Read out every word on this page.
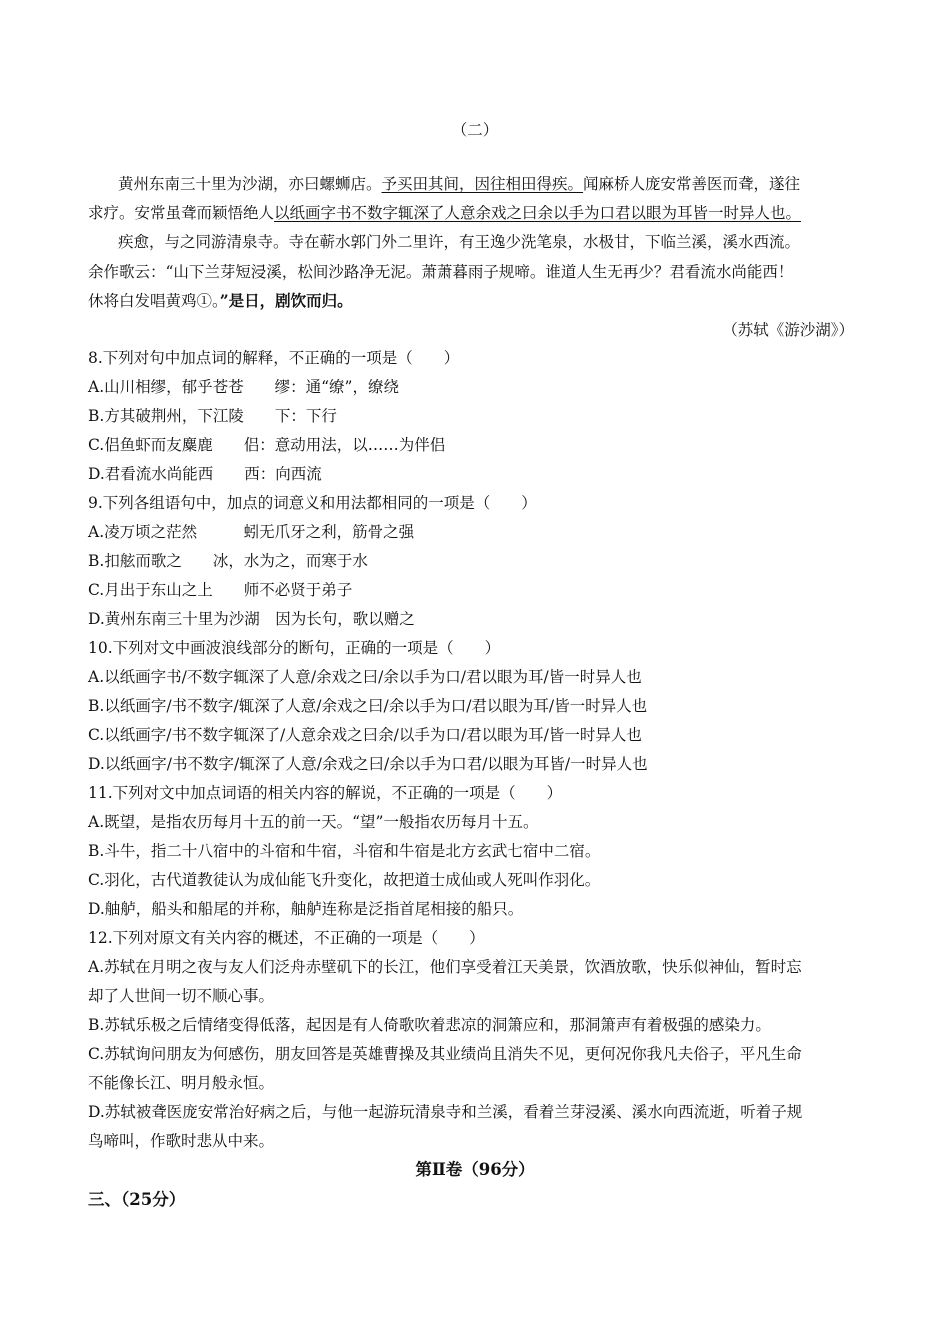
（二）
黄州东南三十里为沙湖，亦曰螺蛳店。予买田其间，因往相田得疾。闻麻桥人庞安常善医而聋，遂往
求疗。安常虽聋而颖悟绝人以纸画字书不数字辄深了人意余戏之曰余以手为口君以眼为耳皆一时异人也。
疾愈，与之同游清泉寺。寺在蕲水郭门外二里许，有王逸少洗笔泉，水极甘，下临兰溪，溪水西流。
余作歌云：“山下兰芽短浸溪，松间沙路净无泥。萧萧暮雨子规啼。谁道人生无再少？君看流水尚能西！
休将白发唱黄鸡①。”是日，剧饮而归。
（苏轼《游沙湖》）
8.下列对句中加点词的解释，不正确的一项是（　　）
A.山川相缪，郁乎苍苍　　缪：通“缭”，缭绕
B.方其破荆州，下江陵　　下：下行
C.侣鱼虾而友麋鹿　　侣：意动用法，以……为伴侣
D.君看流水尚能西　　西：向西流
9.下列各组语句中，加点的词意义和用法都相同的一项是（　　）
A.凌万顷之茫然　　　蚓无爪牙之利，筋骨之强
B.扣舷而歌之　　冰，水为之，而寒于水
C.月出于东山之上　　师不必贤于弟子
D.黄州东南三十里为沙湖　因为长句，歌以赠之
10.下列对文中画波浪线部分的断句，正确的一项是（　　）
A.以纸画字书/不数字辄深了人意/余戏之曰/余以手为口/君以眼为耳/皆一时异人也
B.以纸画字/书不数字/辄深了人意/余戏之曰/余以手为口/君以眼为耳/皆一时异人也
C.以纸画字/书不数字辄深了/人意余戏之曰余/以手为口/君以眼为耳/皆一时异人也
D.以纸画字/书不数字/辄深了人意/余戏之曰/余以手为口君/以眼为耳皆/一时异人也
11.下列对文中加点词语的相关内容的解说，不正确的一项是（　　）
A.既望，是指农历每月十五的前一天。“望”一般指农历每月十五。
B.斗牛，指二十八宿中的斗宿和牛宿，斗宿和牛宿是北方玄武七宿中二宿。
C.羽化，古代道教徒认为成仙能飞升变化，故把道士成仙或人死叫作羽化。
D.舳舻，船头和船尾的并称，舳舻连称是泛指首尾相接的船只。
12.下列对原文有关内容的概述，不正确的一项是（　　）
A.苏轼在月明之夜与友人们泛舟赤壁矶下的长江，他们享受着江天美景，饮酒放歌，快乐似神仙，暂时忘
却了人世间一切不顺心事。
B.苏轼乐极之后情绪变得低落，起因是有人倚歌吹着悲凉的洞箫应和，那洞箫声有着极强的感染力。
C.苏轼询问朋友为何感伤，朋友回答是英雄曹操及其业绩尚且消失不见，更何况你我凡夫俗子，平凡生命
不能像长江、明月般永恒。
D.苏轼被聋医庞安常治好病之后，与他一起游玩清泉寺和兰溪，看着兰芽浸溪、溪水向西流逝，听着子规
鸟啼叫，作歌时悲从中来。
第Ⅱ卷（96分）
三、（25分）
